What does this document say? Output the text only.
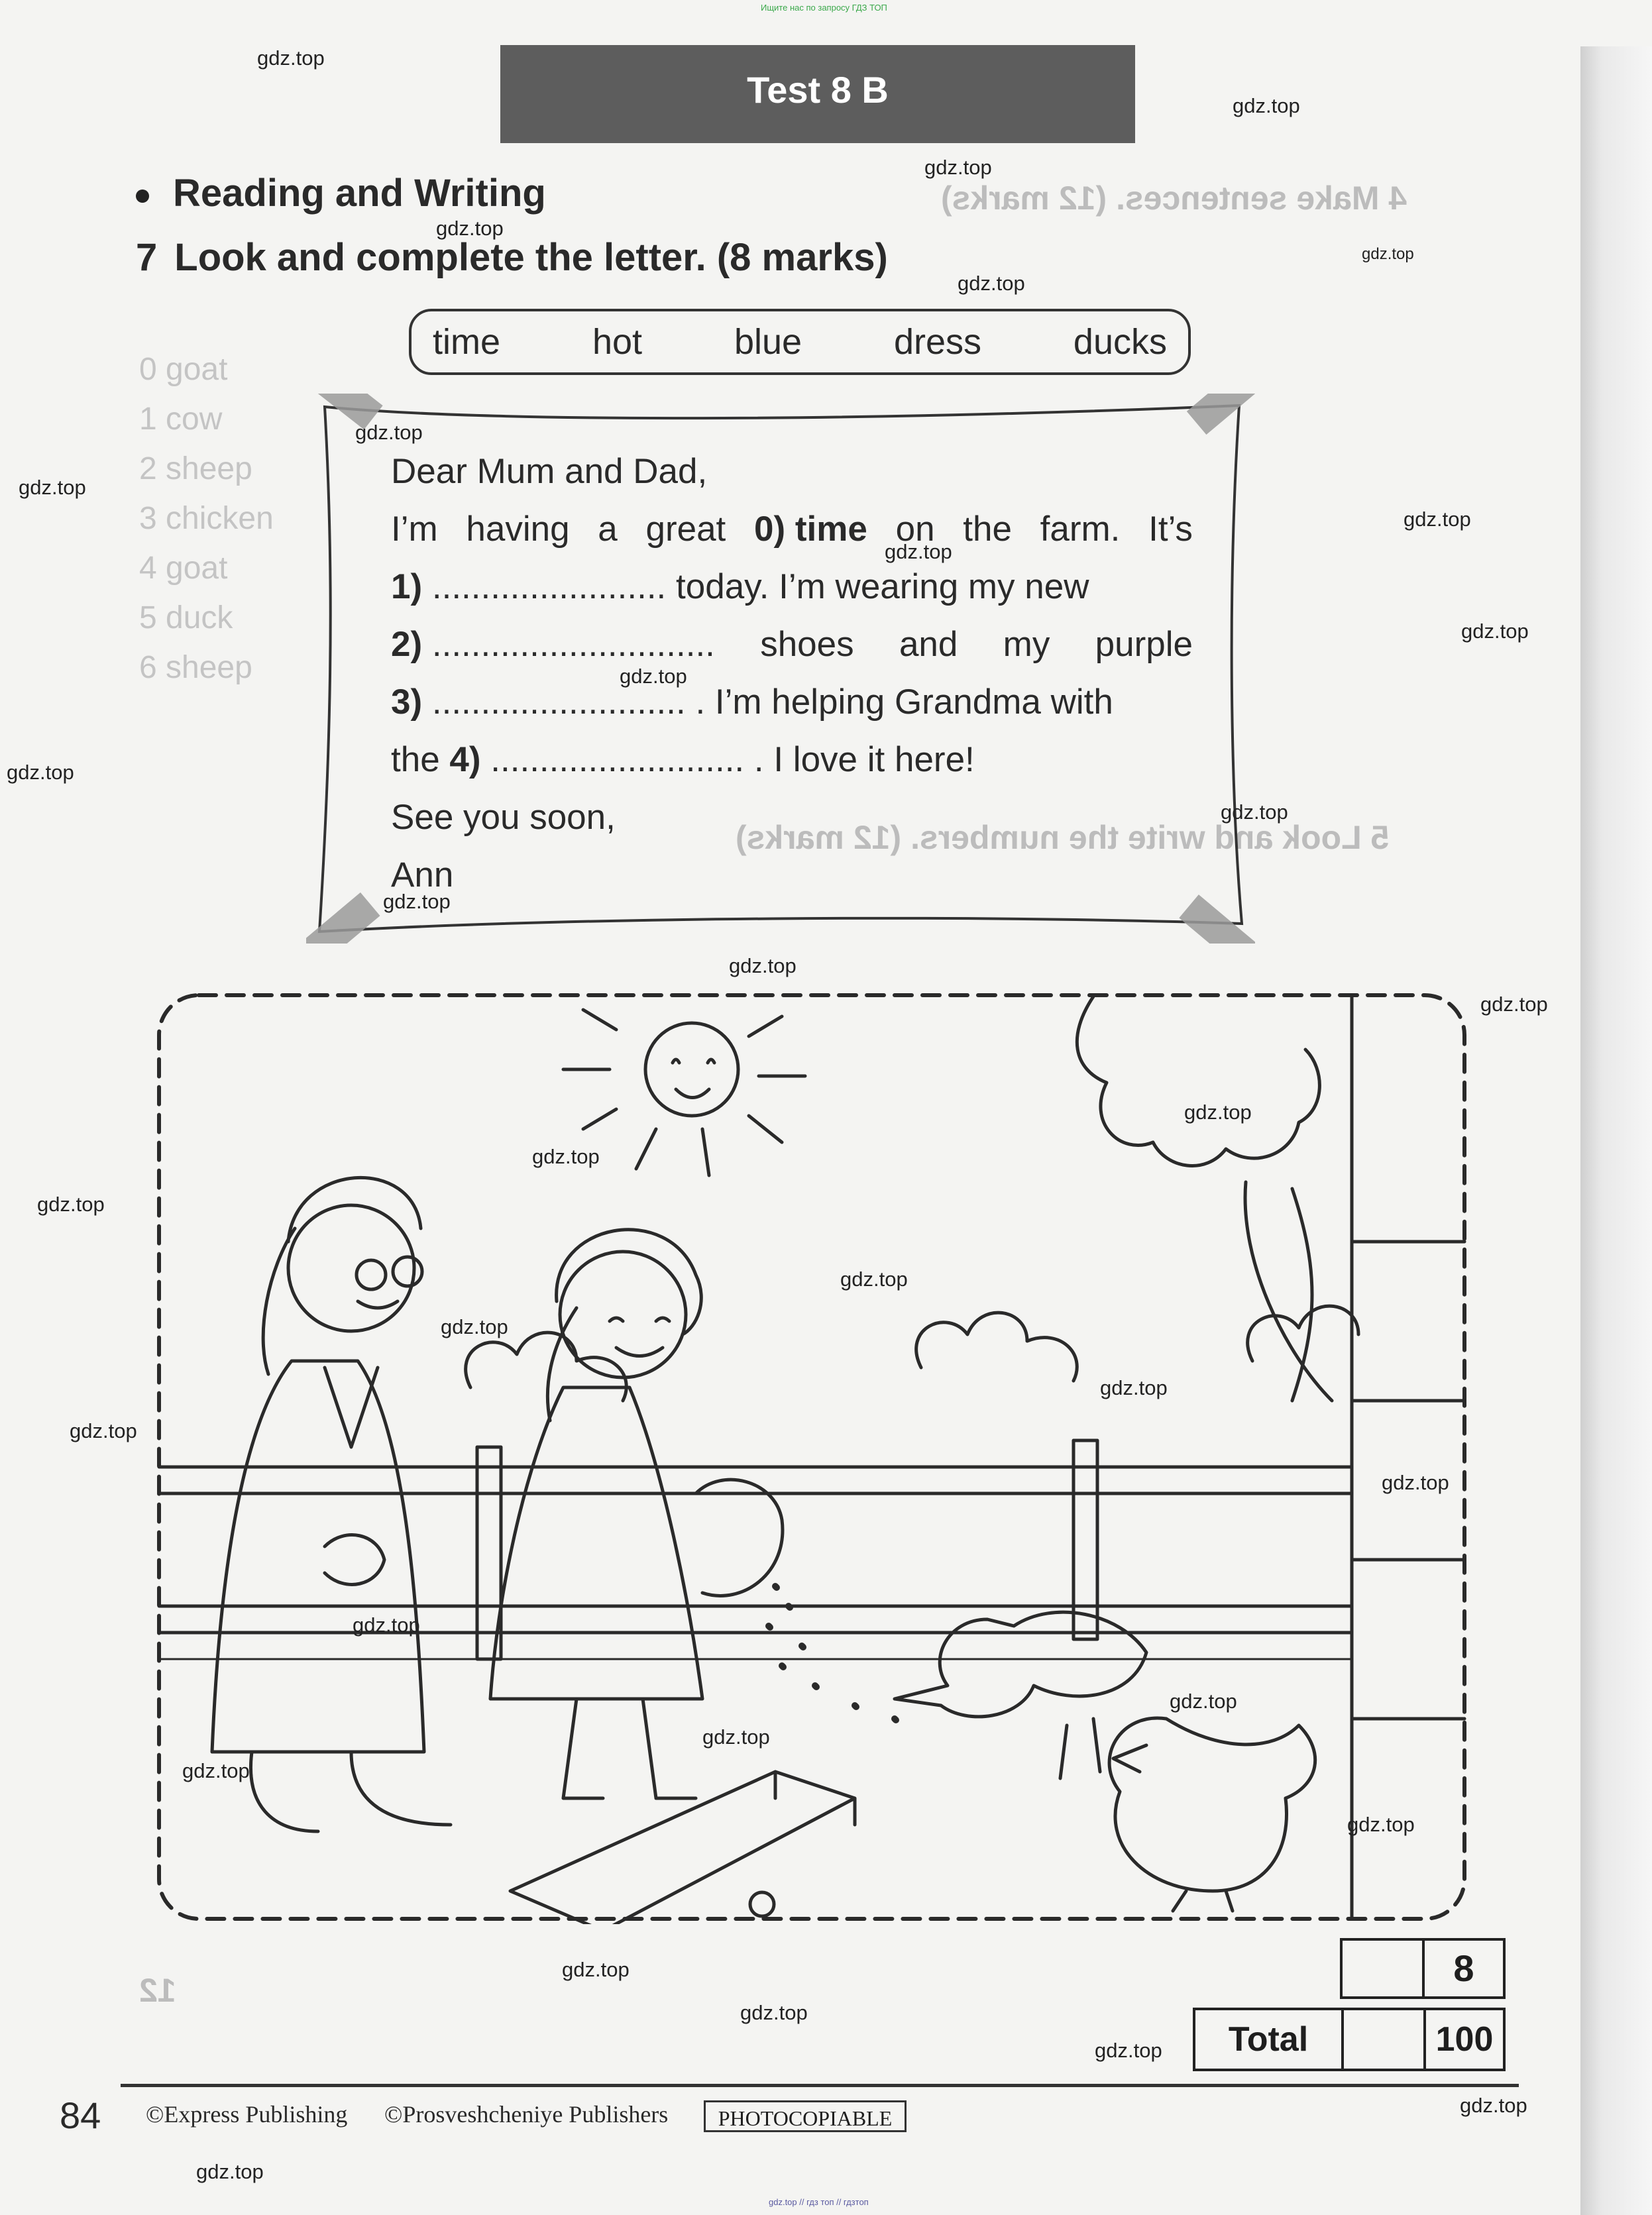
Ищите нас по запросу ГДЗ ТОП
gdz.top // гдз топ // гдзтоп
4 Make sentences. (12 marks)
5 Look and write the numbers. (12 marks)
12
0 goat
1 cow
2 sheep
3 chicken
4 goat
5 duck
6 sheep
Test 8 B
Reading and Writing
7 Look and complete the letter. (8 marks)
time	hot	blue	dress	ducks
Dear Mum and Dad,
I’m having a great 0) time on the farm. It’s
1) ........................ today. I’m wearing my new
2) ............................. shoes and my purple
3) .......................... . I’m helping Grandma with
the 4) .......................... . I love it here!
See you soon,
Ann
8
Total	100
84 ©Express Publishing ©Prosveshcheniye Publishers	PHOTOCOPIABLE
gdz.top
gdz.top
gdz.top
gdz.top
gdz.top
gdz.top
gdz.top
gdz.top
gdz.top
gdz.top
gdz.top
gdz.top
gdz.top
gdz.top
gdz.top
gdz.top
gdz.top
gdz.top
gdz.top
gdz.top
gdz.top
gdz.top
gdz.top
gdz.top
gdz.top
gdz.top
gdz.top
gdz.top
gdz.top
gdz.top
gdz.top
gdz.top
gdz.top
gdz.top
gdz.top
